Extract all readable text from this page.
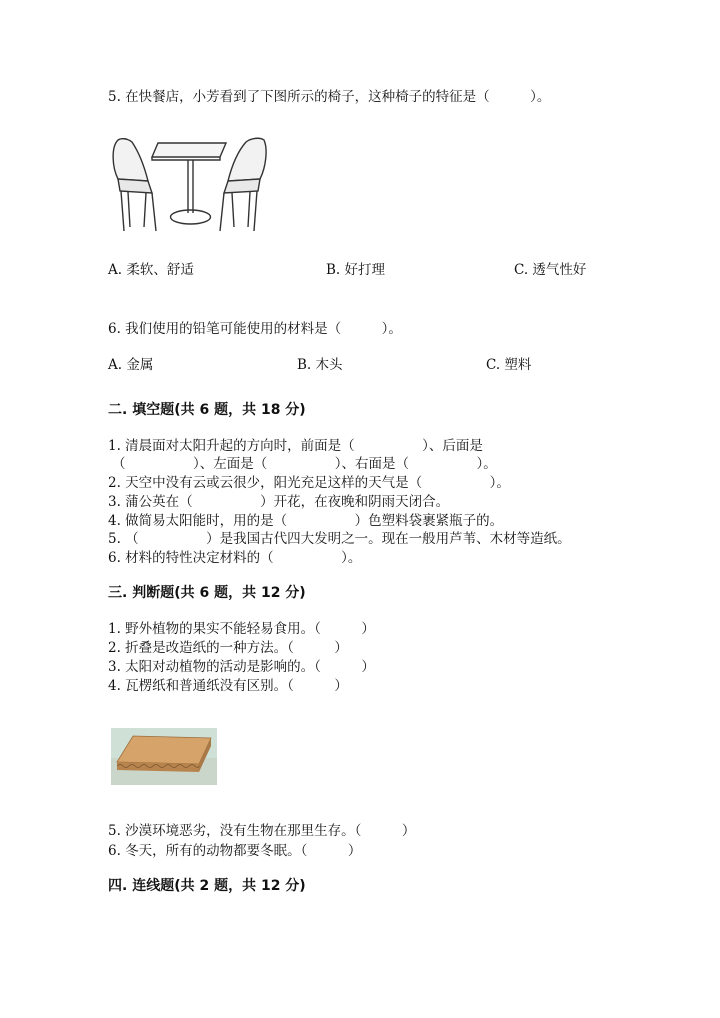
5. 在快餐店，小芳看到了下图所示的椅子，这种椅子的特征是（　　　）。
A. 柔软、舒适	B. 好打理	C. 透气性好
6. 我们使用的铅笔可能使用的材料是（　　　）。
A. 金属	B. 木头	C. 塑料
二. 填空题(共 6 题，共 18 分)
1. 清晨面对太阳升起的方向时，前面是（　　　　　）、后面是
（　　　　　）、左面是（　　　　　）、右面是（　　　　　）。
2. 天空中没有云或云很少，阳光充足这样的天气是（　　　　　）。
3. 蒲公英在（　　　　　）开花，在夜晚和阴雨天闭合。
4. 做简易太阳能时，用的是（　　　　　）色塑料袋裹紧瓶子的。
5. （　　　　　）是我国古代四大发明之一。现在一般用芦苇、木材等造纸。
6. 材料的特性决定材料的（　　　　　）。
三. 判断题(共 6 题，共 12 分)
1. 野外植物的果实不能轻易食用。（　　　）
2. 折叠是改造纸的一种方法。（　　　）
3. 太阳对动植物的活动是影响的。（　　　）
4. 瓦楞纸和普通纸没有区别。（　　　）
5. 沙漠环境恶劣，没有生物在那里生存。（　　　）
6. 冬天，所有的动物都要冬眠。（　　　）
四. 连线题(共 2 题，共 12 分)
